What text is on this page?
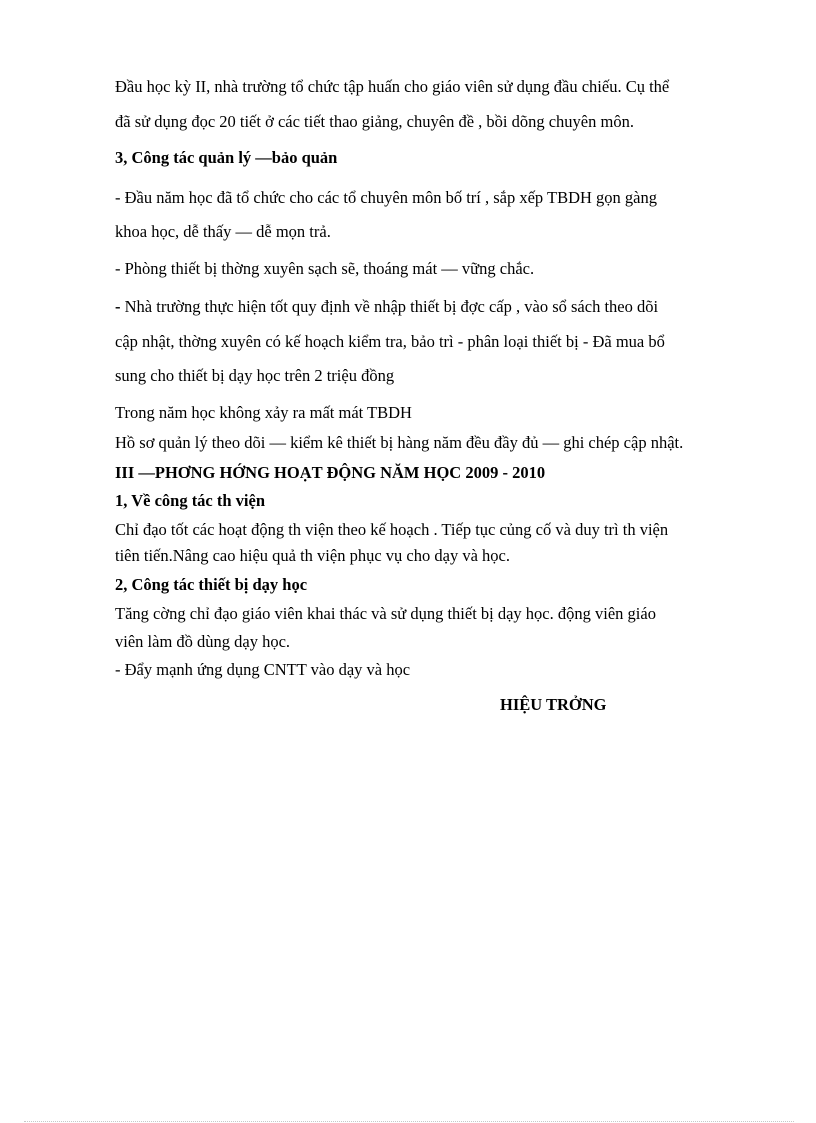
Đầu học kỳ II, nhà trường tổ chức tập huấn cho giáo viên sử dụng đầu chiếu. Cụ thể
đã sử dụng đọc 20 tiết ở các tiết thao giảng, chuyên đề , bồi dõng chuyên môn.
3, Công tác quản lý —bảo quản
- Đầu năm học đã tổ chức cho các tổ chuyên môn bố trí , sắp xếp TBDH gọn gàng
khoa học, dễ thấy — dễ mọn trả.
- Phòng thiết bị thờng xuyên sạch sẽ, thoáng mát — vững chắc.
- Nhà trường thực hiện tốt quy định về nhập thiết bị đợc cấp , vào sổ sách theo dõi
cập nhật, thờng xuyên có kế hoạch kiểm tra, bảo trì - phân loại thiết bị - Đã mua bổ
sung cho thiết bị dạy học trên 2 triệu đồng
Trong năm học không xảy ra mất mát TBDH
Hồ sơ quản lý theo dõi — kiểm kê thiết bị hàng năm đều đầy đủ — ghi chép cập nhật.
III —PHƠNG HỚNG HOẠT ĐỘNG NĂM HỌC 2009 - 2010
1, Về công tác th viện
Chỉ đạo tốt các hoạt động th viện theo kế hoạch . Tiếp tục củng cố và duy trì th viện
tiên tiến.Nâng cao hiệu quả th viện phục vụ cho dạy và học.
2, Công tác thiết bị dạy học
Tăng cờng chỉ đạo giáo viên khai thác và sử dụng thiết bị dạy học. động viên giáo
viên làm đồ dùng dạy học.
- Đẩy mạnh ứng dụng CNTT vào dạy và học
HIỆU TRỞNG
